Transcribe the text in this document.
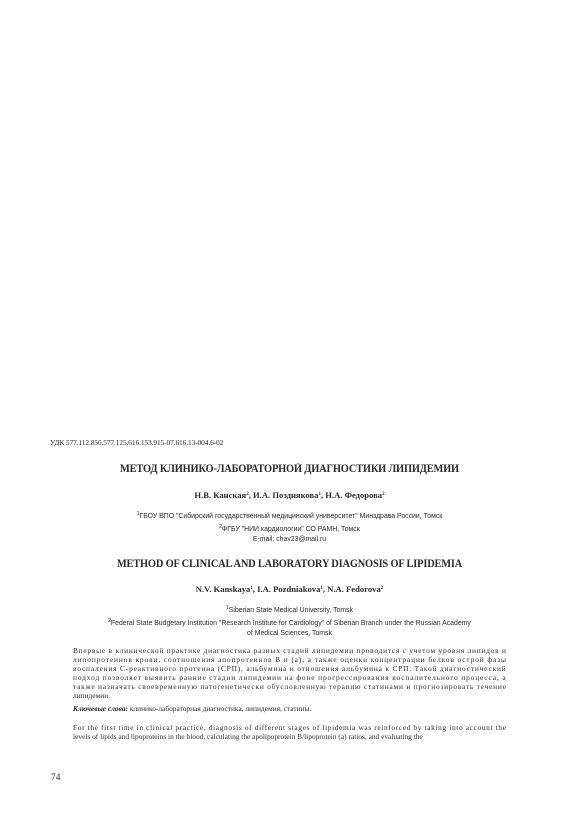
УДК 577.112.856.577.125.616.153.915-07.616.13-004.6-02
МЕТОД КЛИНИКО-ЛАБОРАТОРНОЙ ДИАГНОСТИКИ ЛИПИДЕМИИ
Н.В. Канская$^2$, И.А. Позднякова$^1$, Н.А. Федорова$^2$
$^1$ГБОУ ВПО "Сибирский государственный медицинский университет" Минздрава России, Томск
$^2$ФГБУ "НИИ кардиологии" СО РАМН, Томск
E-mail: chav23@mail.ru
METHOD OF CLINICAL AND LABORATORY DIAGNOSIS OF LIPIDEMIA
N.V. Kanskaya$^1$, I.A. Pozdniakova$^1$, N.A. Fedorova$^2$
$^1$Siberian State Medical University, Tomsk
$^2$Federal State Budgetary Institution "Research Institute for Cardiology" of Siberian Branch under the Russian Academy
of Medical Sciences, Tomsk
Впервые в клинической практике диагностика разных стадий липидемии проводится с учетом уровня липидов и
липопротеинов крови, соотношения апопротеинов В и (а), а также оценки концентрации белков острой фазы
воспаления С-реактивного протеина (СРП), альбумина и отношения альбумина к СРП. Такой диагностический
подход позволяет выявить ранние стадии липидемии на фоне прогрессирования воспалительного процесса, а
также назначать своевременную патогенетически обусловленную терапию статинами и прогнозировать течение
липидемии.
Ключевые слова: клинико-лабораторная диагностика, липидемия, статины.
For the first time in clinical practice, diagnosis of different stages of lipidemia was reinforced by taking into account the
levels of lipids and lipoproteins in the blood, calculating the apolipoprotein B/lipoprotein (a) ratios, and evaluating the
74
